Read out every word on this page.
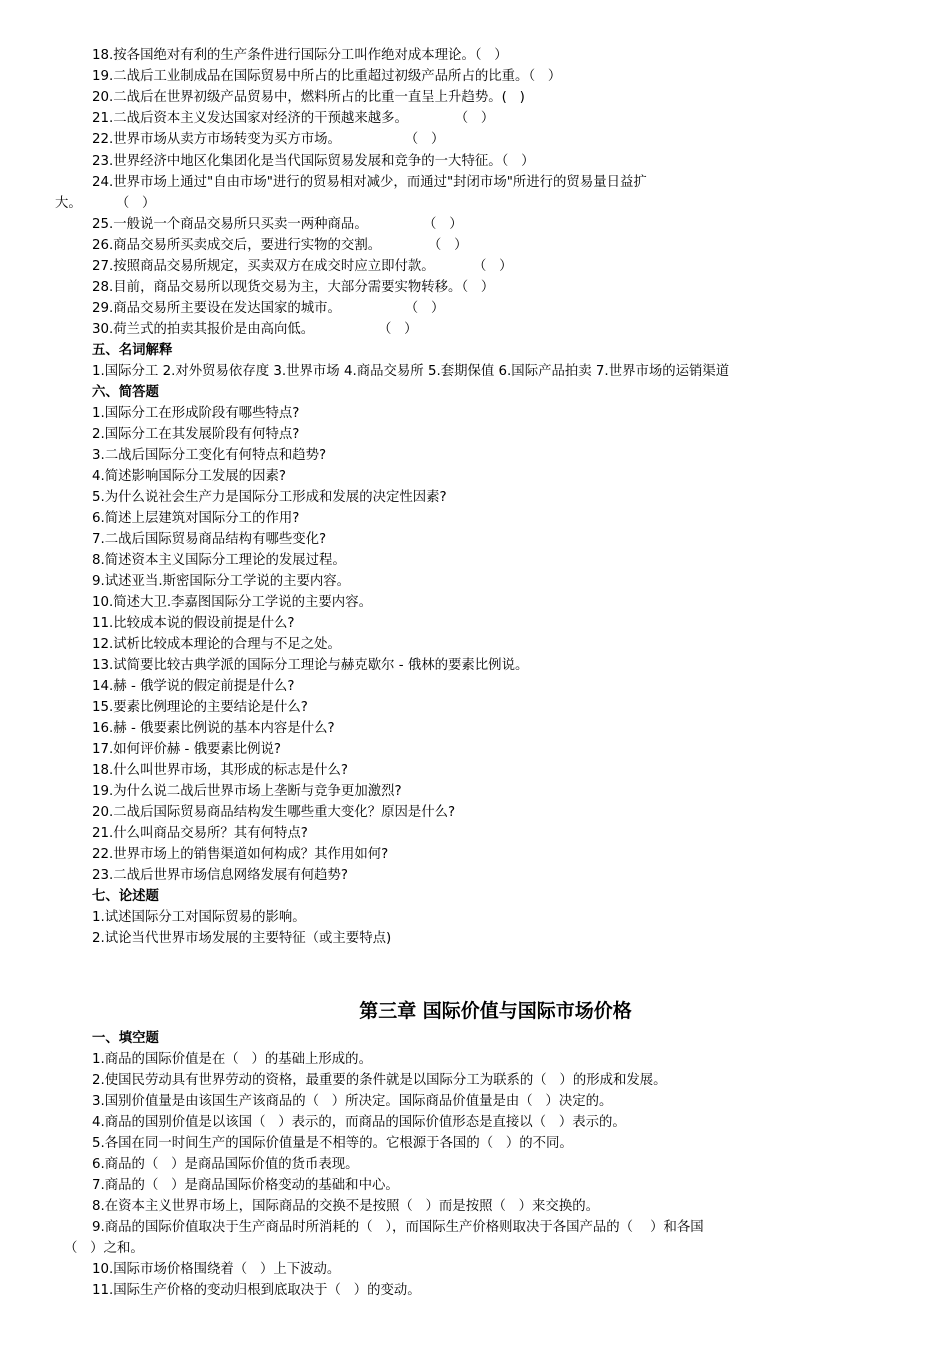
18.按各国绝对有利的生产条件进行国际分工叫作绝对成本理论。（   ）
19.二战后工业制成品在国际贸易中所占的比重超过初级产品所占的比重。（   ）
20.二战后在世界初级产品贸易中，燃料所占的比重一直呈上升趋势。(   )
21.二战后资本主义发达国家对经济的干预越来越多。           （   ）
22.世界市场从卖方市场转变为买方市场。               （   ）
23.世界经济中地区化集团化是当代国际贸易发展和竞争的一大特征。（   ）
24.世界市场上通过"自由市场"进行的贸易相对减少，而通过"封闭市场"所进行的贸易量日益扩
大。        （   ）
25.一般说一个商品交易所只买卖一两种商品。             （   ）
26.商品交易所买卖成交后，要进行实物的交割。           （   ）
27.按照商品交易所规定，买卖双方在成交时应立即付款。         （   ）
28.目前，商品交易所以现货交易为主，大部分需要实物转移。（   ）
29.商品交易所主要设在发达国家的城市。               （   ）
30.荷兰式的拍卖其报价是由高向低。               （   ）
五、名词解释
1.国际分工 2.对外贸易依存度 3.世界市场 4.商品交易所 5.套期保值 6.国际产品拍卖 7.世界市场的运销渠道
六、简答题
1.国际分工在形成阶段有哪些特点?
2.国际分工在其发展阶段有何特点?
3.二战后国际分工变化有何特点和趋势?
4.简述影响国际分工发展的因素?
5.为什么说社会生产力是国际分工形成和发展的决定性因素?
6.简述上层建筑对国际分工的作用?
7.二战后国际贸易商品结构有哪些变化?
8.简述资本主义国际分工理论的发展过程。
9.试述亚当.斯密国际分工学说的主要内容。
10.简述大卫.李嘉图国际分工学说的主要内容。
11.比较成本说的假设前提是什么?
12.试析比较成本理论的合理与不足之处。
13.试简要比较古典学派的国际分工理论与赫克歇尔 - 俄林的要素比例说。
14.赫 - 俄学说的假定前提是什么?
15.要素比例理论的主要结论是什么?
16.赫 - 俄要素比例说的基本内容是什么?
17.如何评价赫 - 俄要素比例说?
18.什么叫世界市场，其形成的标志是什么?
19.为什么说二战后世界市场上垄断与竞争更加激烈?
20.二战后国际贸易商品结构发生哪些重大变化？原因是什么?
21.什么叫商品交易所？其有何特点?
22.世界市场上的销售渠道如何构成？其作用如何?
23.二战后世界市场信息网络发展有何趋势?
七、论述题
1.试述国际分工对国际贸易的影响。
2.试论当代世界市场发展的主要特征（或主要特点)
第三章 国际价值与国际市场价格
一、填空题
1.商品的国际价值是在（   ）的基础上形成的。
2.使国民劳动具有世界劳动的资格，最重要的条件就是以国际分工为联系的（   ）的形成和发展。
3.国别价值量是由该国生产该商品的（   ）所决定。国际商品价值量是由（   ）决定的。
4.商品的国别价值是以该国（   ）表示的，而商品的国际价值形态是直接以（   ）表示的。
5.各国在同一时间生产的国际价值量是不相等的。它根源于各国的（   ）的不同。
6.商品的（   ）是商品国际价值的货币表现。
7.商品的（   ）是商品国际价格变动的基础和中心。
8.在资本主义世界市场上，国际商品的交换不是按照（   ）而是按照（   ）来交换的。
9.商品的国际价值取决于生产商品时所消耗的（   ），而国际生产价格则取决于各国产品的（    ）和各国
（   ）之和。
10.国际市场价格围绕着（   ）上下波动。
11.国际生产价格的变动归根到底取决于（   ）的变动。
